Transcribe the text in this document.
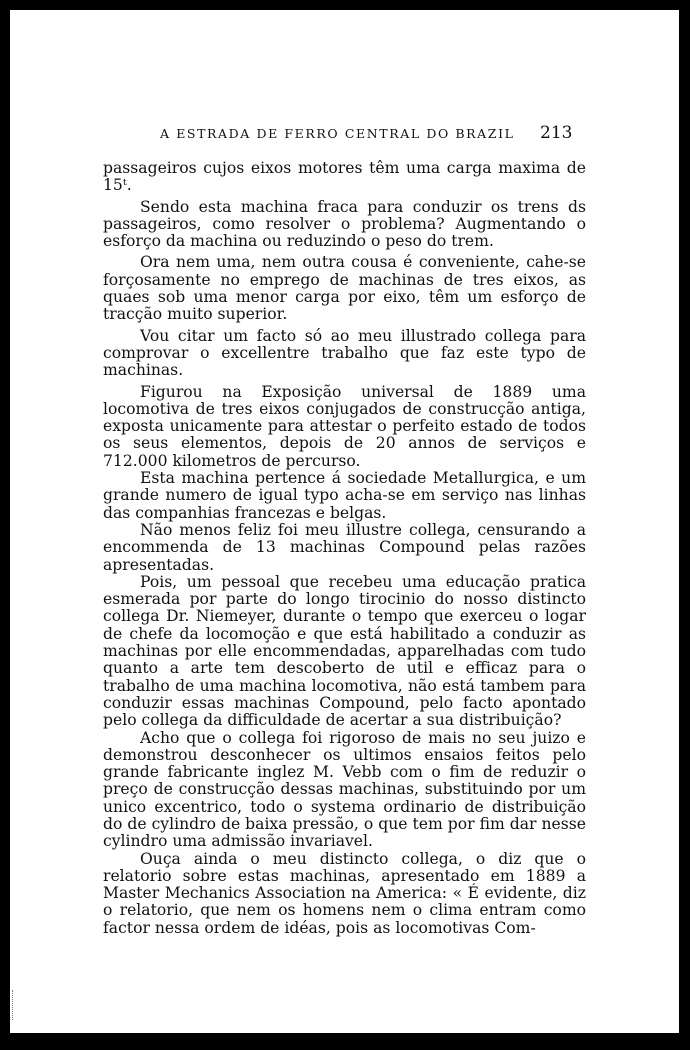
A ESTRADA DE FERRO CENTRAL DO BRAZIL 213

passageiros cujos eixos motores têm uma carga maxima de 15ᵗ.

Sendo esta machina fraca para conduzir os trens ds passageiros, como resolver o problema? Augmentando o esforço da machina ou reduzindo o peso do trem.

Ora nem uma, nem outra cousa é conveniente, cahe-se forçosamente no emprego de machinas de tres eixos, as quaes sob uma menor carga por eixo, têm um esforço de tracção muito superior.

Vou citar um facto só ao meu illustrado collega para comprovar o excellentre trabalho que faz este typo de machinas.

Figurou na Exposição universal de 1889 uma locomotiva de tres eixos conjugados de construcção antiga, exposta unicamente para attestar o perfeito estado de todos os seus elementos, depois de 20 annos de serviços e 712.000 kilometros de percurso.

Esta machina pertence á sociedade Metallurgica, e um grande numero de igual typo acha-se em serviço nas linhas das companhias francezas e belgas.

Não menos feliz foi meu illustre collega, censurando a encommenda de 13 machinas Compound pelas razões apresentadas.

Pois, um pessoal que recebeu uma educação pratica esmerada por parte do longo tirocinio do nosso distincto collega Dr. Niemeyer, durante o tempo que exerceu o logar de chefe da locomoção e que está habilitado a conduzir as machinas por elle encommendadas, apparelhadas com tudo quanto a arte tem descoberto de util e efficaz para o trabalho de uma machina locomotiva, não está tambem para conduzir essas machinas Compound, pelo facto apontado pelo collega da difficuldade de acertar a sua distribuição?

Acho que o collega foi rigoroso de mais no seu juizo e demonstrou desconhecer os ultimos ensaios feitos pelo grande fabricante inglez M. Vebb com o fim de reduzir o preço de construcção dessas machinas, substituindo por um unico excentrico, todo o systema ordinario de distribuição do de cylindro de baixa pressão, o que tem por fim dar nesse cylindro uma admissão invariavel.

Ouça ainda o meu distincto collega, o diz que o relatorio sobre estas machinas, apresentado em 1889 a Master Mechanics Association na America: « É evidente, diz o relatorio, que nem os homens nem o clima entram como factor nessa ordem de idéas, pois as locomotivas Com-
